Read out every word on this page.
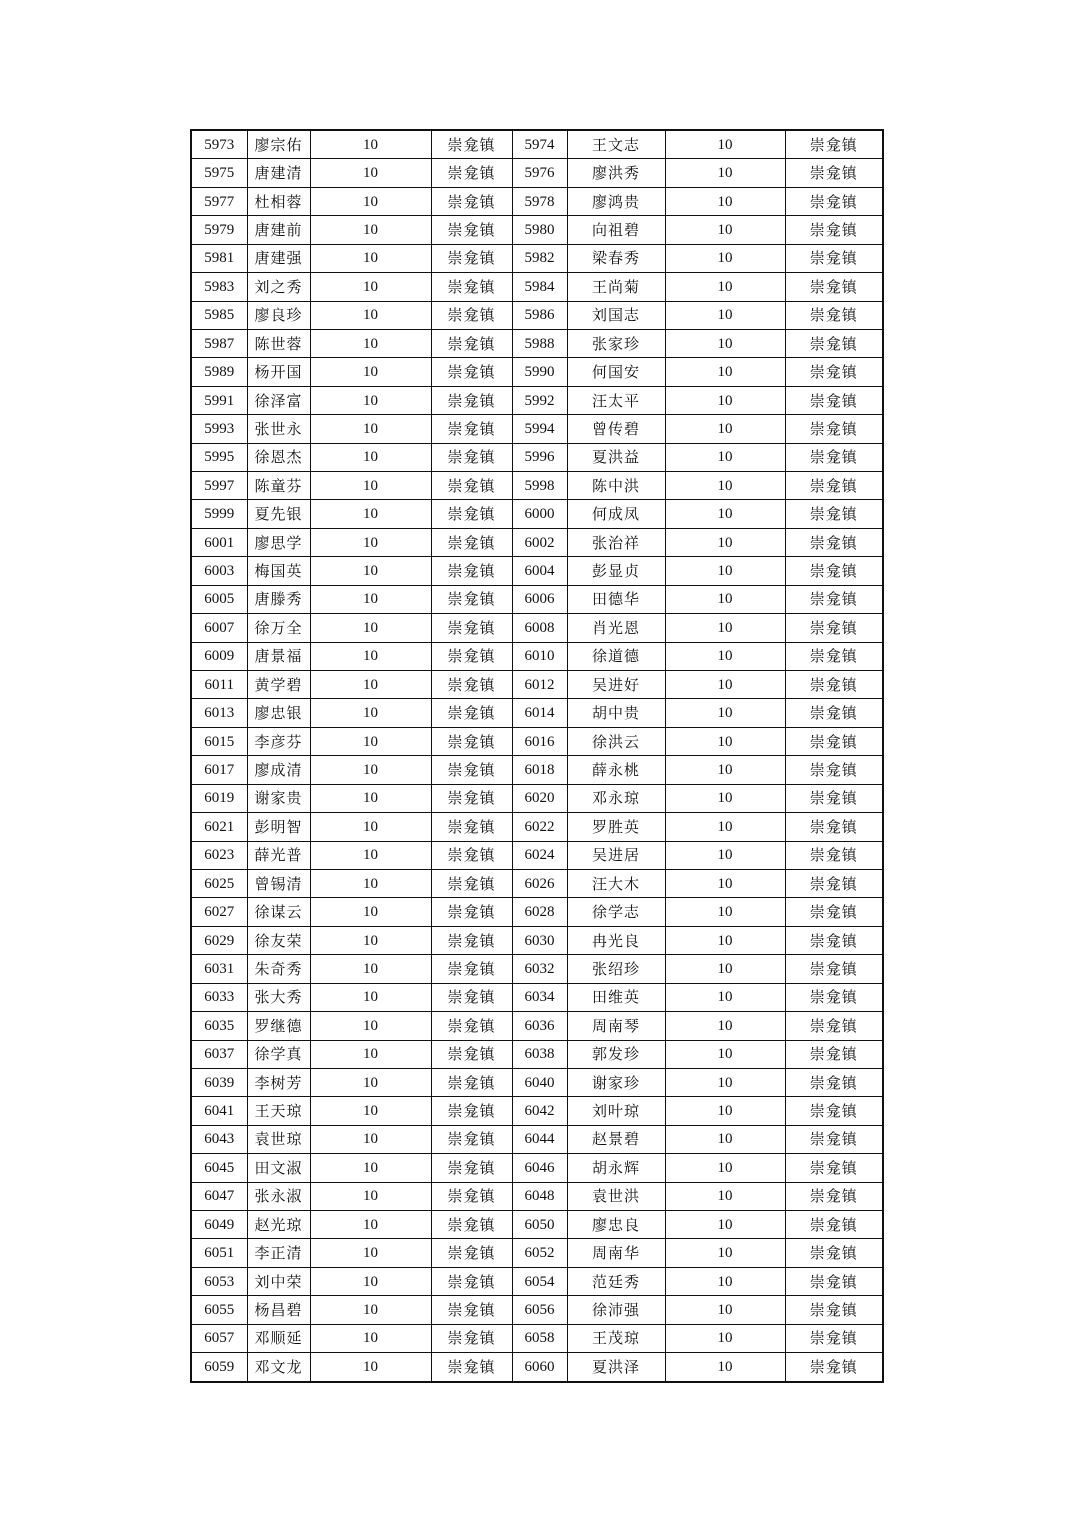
5973	廖宗佑	10	崇龛镇	5974	王文志	10	崇龛镇
5975	唐建清	10	崇龛镇	5976	廖洪秀	10	崇龛镇
5977	杜相蓉	10	崇龛镇	5978	廖鸿贵	10	崇龛镇
5979	唐建前	10	崇龛镇	5980	向祖碧	10	崇龛镇
5981	唐建强	10	崇龛镇	5982	梁春秀	10	崇龛镇
5983	刘之秀	10	崇龛镇	5984	王尚菊	10	崇龛镇
5985	廖良珍	10	崇龛镇	5986	刘国志	10	崇龛镇
5987	陈世蓉	10	崇龛镇	5988	张家珍	10	崇龛镇
5989	杨开国	10	崇龛镇	5990	何国安	10	崇龛镇
5991	徐泽富	10	崇龛镇	5992	汪太平	10	崇龛镇
5993	张世永	10	崇龛镇	5994	曾传碧	10	崇龛镇
5995	徐恩杰	10	崇龛镇	5996	夏洪益	10	崇龛镇
5997	陈童芬	10	崇龛镇	5998	陈中洪	10	崇龛镇
5999	夏先银	10	崇龛镇	6000	何成凤	10	崇龛镇
6001	廖思学	10	崇龛镇	6002	张治祥	10	崇龛镇
6003	梅国英	10	崇龛镇	6004	彭显贞	10	崇龛镇
6005	唐滕秀	10	崇龛镇	6006	田德华	10	崇龛镇
6007	徐万全	10	崇龛镇	6008	肖光恩	10	崇龛镇
6009	唐景福	10	崇龛镇	6010	徐道德	10	崇龛镇
6011	黄学碧	10	崇龛镇	6012	吴进好	10	崇龛镇
6013	廖忠银	10	崇龛镇	6014	胡中贵	10	崇龛镇
6015	李彦芬	10	崇龛镇	6016	徐洪云	10	崇龛镇
6017	廖成清	10	崇龛镇	6018	薛永桃	10	崇龛镇
6019	谢家贵	10	崇龛镇	6020	邓永琼	10	崇龛镇
6021	彭明智	10	崇龛镇	6022	罗胜英	10	崇龛镇
6023	薛光普	10	崇龛镇	6024	吴进居	10	崇龛镇
6025	曾锡清	10	崇龛镇	6026	汪大木	10	崇龛镇
6027	徐谋云	10	崇龛镇	6028	徐学志	10	崇龛镇
6029	徐友荣	10	崇龛镇	6030	冉光良	10	崇龛镇
6031	朱奇秀	10	崇龛镇	6032	张绍珍	10	崇龛镇
6033	张大秀	10	崇龛镇	6034	田维英	10	崇龛镇
6035	罗继德	10	崇龛镇	6036	周南琴	10	崇龛镇
6037	徐学真	10	崇龛镇	6038	郭发珍	10	崇龛镇
6039	李树芳	10	崇龛镇	6040	谢家珍	10	崇龛镇
6041	王天琼	10	崇龛镇	6042	刘叶琼	10	崇龛镇
6043	袁世琼	10	崇龛镇	6044	赵景碧	10	崇龛镇
6045	田文淑	10	崇龛镇	6046	胡永辉	10	崇龛镇
6047	张永淑	10	崇龛镇	6048	袁世洪	10	崇龛镇
6049	赵光琼	10	崇龛镇	6050	廖忠良	10	崇龛镇
6051	李正清	10	崇龛镇	6052	周南华	10	崇龛镇
6053	刘中荣	10	崇龛镇	6054	范廷秀	10	崇龛镇
6055	杨昌碧	10	崇龛镇	6056	徐沛强	10	崇龛镇
6057	邓顺延	10	崇龛镇	6058	王茂琼	10	崇龛镇
6059	邓文龙	10	崇龛镇	6060	夏洪泽	10	崇龛镇
